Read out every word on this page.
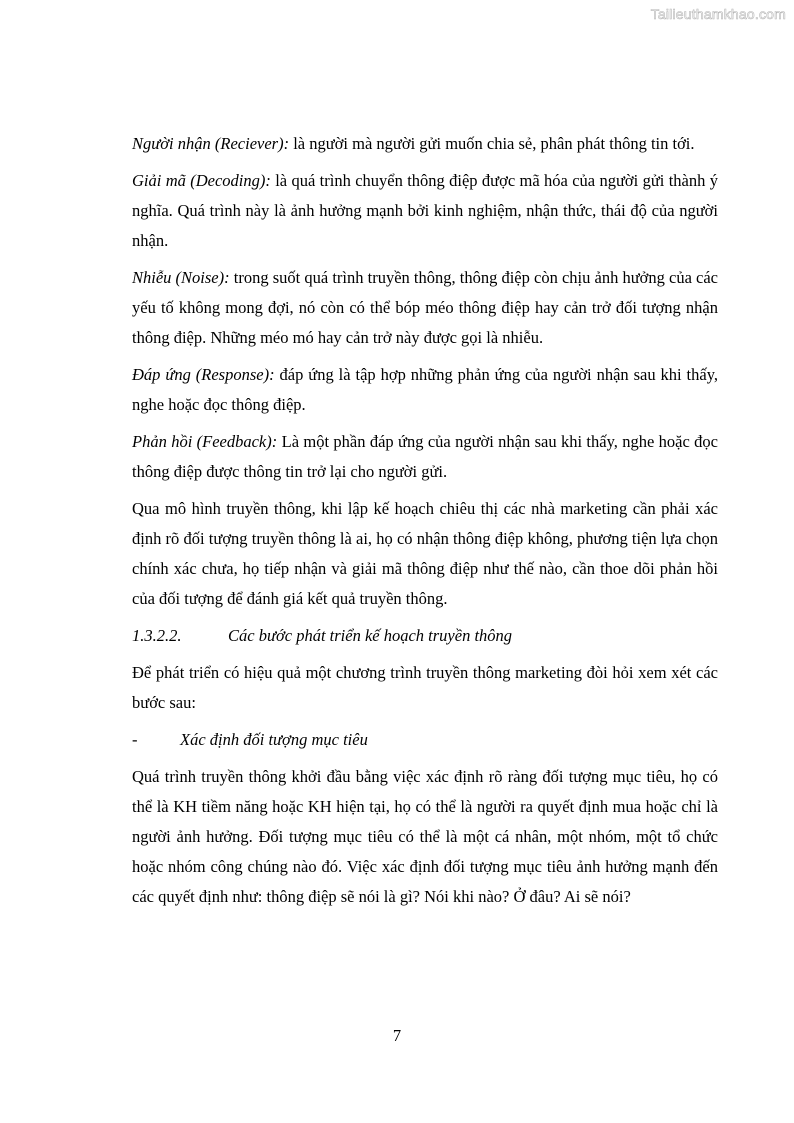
Tailieuthamkhao.com

Người nhận (Reciever): là người mà người gửi muốn chia sẻ, phân phát thông tin tới.

Giải mã (Decoding): là quá trình chuyển thông điệp được mã hóa của người gửi thành ý nghĩa. Quá trình này là ảnh hưởng mạnh bởi kinh nghiệm, nhận thức, thái độ của người nhận.

Nhiễu (Noise): trong suốt quá trình truyền thông, thông điệp còn chịu ảnh hưởng của các yếu tố không mong đợi, nó còn có thể bóp méo thông điệp hay cản trở đối tượng nhận thông điệp. Những méo mó hay cản trở này được gọi là nhiễu.

Đáp ứng (Response): đáp ứng là tập hợp những phản ứng của người nhận sau khi thấy, nghe hoặc đọc thông điệp.

Phản hồi (Feedback): Là một phần đáp ứng của người nhận sau khi thấy, nghe hoặc đọc thông điệp được thông tin trở lại cho người gửi.

Qua mô hình truyền thông, khi lập kế hoạch chiêu thị các nhà marketing cần phải xác định rõ đối tượng truyền thông là ai, họ có nhận thông điệp không, phương tiện lựa chọn chính xác chưa, họ tiếp nhận và giải mã thông điệp như thế nào, cần thoe dõi phản hồi của đối tượng để đánh giá kết quả truyền thông.

1.3.2.2.	Các bước phát triển kế hoạch truyền thông

Để phát triển có hiệu quả một chương trình truyền thông marketing đòi hỏi xem xét các bước sau:

-	Xác định đối tượng mục tiêu

Quá trình truyền thông khởi đầu bằng việc xác định rõ ràng đối tượng mục tiêu, họ có thể là KH tiềm năng hoặc KH hiện tại, họ có thể là người ra quyết định mua hoặc chỉ là người ảnh hưởng. Đối tượng mục tiêu có thể là một cá nhân, một nhóm, một tổ chức hoặc nhóm công chúng nào đó. Việc xác định đối tượng mục tiêu ảnh hưởng mạnh đến các quyết định như: thông điệp sẽ nói là gì? Nói khi nào? Ở đâu? Ai sẽ nói?

7
